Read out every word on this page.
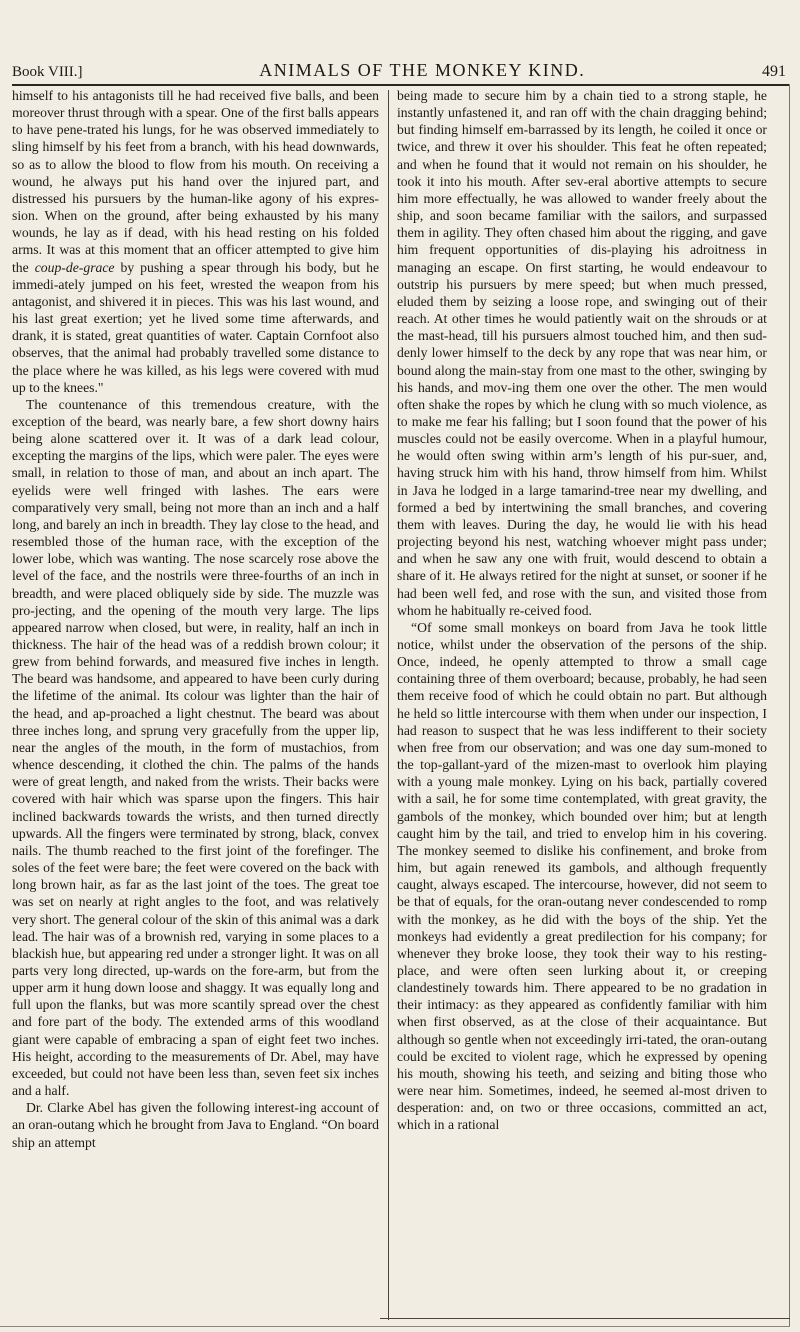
Book VIII.]	ANIMALS OF THE MONKEY KIND.	491

himself to his antagonists till he had received five balls, and been moreover thrust through with a spear. One of the first balls appears to have pene-trated his lungs, for he was observed immediately to sling himself by his feet from a branch, with his head downwards, so as to allow the blood to flow from his mouth. On receiving a wound, he always put his hand over the injured part, and distressed his pursuers by the human-like agony of his expres-sion. When on the ground, after being exhausted by his many wounds, he lay as if dead, with his head resting on his folded arms. It was at this moment that an officer attempted to give him the coup-de-grace by pushing a spear through his body, but he immedi-ately jumped on his feet, wrested the weapon from his antagonist, and shivered it in pieces. This was his last wound, and his last great exertion; yet he lived some time afterwards, and drank, it is stated, great quantities of water. Captain Cornfoot also observes, that the animal had probably travelled some distance to the place where he was killed, as his legs were covered with mud up to the knees."

The countenance of this tremendous creature, with the exception of the beard, was nearly bare, a few short downy hairs being alone scattered over it. It was of a dark lead colour, excepting the margins of the lips, which were paler. The eyes were small, in relation to those of man, and about an inch apart. The eyelids were well fringed with lashes. The ears were comparatively very small, being not more than an inch and a half long, and barely an inch in breadth. They lay close to the head, and resembled those of the human race, with the exception of the lower lobe, which was wanting. The nose scarcely rose above the level of the face, and the nostrils were three-fourths of an inch in breadth, and were placed obliquely side by side. The muzzle was pro-jecting, and the opening of the mouth very large. The lips appeared narrow when closed, but were, in reality, half an inch in thickness. The hair of the head was of a reddish brown colour; it grew from behind forwards, and measured five inches in length. The beard was handsome, and appeared to have been curly during the lifetime of the animal. Its colour was lighter than the hair of the head, and ap-proached a light chestnut. The beard was about three inches long, and sprung very gracefully from the upper lip, near the angles of the mouth, in the form of mustachios, from whence descending, it clothed the chin. The palms of the hands were of great length, and naked from the wrists. Their backs were covered with hair which was sparse upon the fingers. This hair inclined backwards towards the wrists, and then turned directly upwards. All the fingers were terminated by strong, black, convex nails. The thumb reached to the first joint of the forefinger. The soles of the feet were bare; the feet were covered on the back with long brown hair, as far as the last joint of the toes. The great toe was set on nearly at right angles to the foot, and was relatively very short. The general colour of the skin of this animal was a dark lead. The hair was of a brownish red, varying in some places to a blackish hue, but appearing red under a stronger light. It was on all parts very long directed, up-wards on the fore-arm, but from the upper arm it hung down loose and shaggy. It was equally long and full upon the flanks, but was more scantily spread over the chest and fore part of the body. The extended arms of this woodland giant were capable of embracing a span of eight feet two inches. His height, according to the measurements of Dr. Abel, may have exceeded, but could not have been less than, seven feet six inches and a half.

Dr. Clarke Abel has given the following interest-ing account of an oran-outang which he brought from Java to England. “On board ship an attempt

being made to secure him by a chain tied to a strong staple, he instantly unfastened it, and ran off with the chain dragging behind; but finding himself em-barrassed by its length, he coiled it once or twice, and threw it over his shoulder. This feat he often repeated; and when he found that it would not remain on his shoulder, he took it into his mouth. After sev-eral abortive attempts to secure him more effectually, he was allowed to wander freely about the ship, and soon became familiar with the sailors, and surpassed them in agility. They often chased him about the rigging, and gave him frequent opportunities of dis-playing his adroitness in managing an escape. On first starting, he would endeavour to outstrip his pursuers by mere speed; but when much pressed, eluded them by seizing a loose rope, and swinging out of their reach. At other times he would patiently wait on the shrouds or at the mast-head, till his pursuers almost touched him, and then sud-denly lower himself to the deck by any rope that was near him, or bound along the main-stay from one mast to the other, swinging by his hands, and mov-ing them one over the other. The men would often shake the ropes by which he clung with so much violence, as to make me fear his falling; but I soon found that the power of his muscles could not be easily overcome. When in a playful humour, he would often swing within arm’s length of his pur-suer, and, having struck him with his hand, throw himself from him. Whilst in Java he lodged in a large tamarind-tree near my dwelling, and formed a bed by intertwining the small branches, and covering them with leaves. During the day, he would lie with his head projecting beyond his nest, watching whoever might pass under; and when he saw any one with fruit, would descend to obtain a share of it. He always retired for the night at sunset, or sooner if he had been well fed, and rose with the sun, and visited those from whom he habitually re-ceived food.

“Of some small monkeys on board from Java he took little notice, whilst under the observation of the persons of the ship. Once, indeed, he openly attempted to throw a small cage containing three of them overboard; because, probably, he had seen them receive food of which he could obtain no part. But although he held so little intercourse with them when under our inspection, I had reason to suspect that he was less indifferent to their society when free from our observation; and was one day sum-moned to the top-gallant-yard of the mizen-mast to overlook him playing with a young male monkey. Lying on his back, partially covered with a sail, he for some time contemplated, with great gravity, the gambols of the monkey, which bounded over him; but at length caught him by the tail, and tried to envelop him in his covering. The monkey seemed to dislike his confinement, and broke from him, but again renewed its gambols, and although frequently caught, always escaped. The intercourse, however, did not seem to be that of equals, for the oran-outang never condescended to romp with the monkey, as he did with the boys of the ship. Yet the monkeys had evidently a great predilection for his company; for whenever they broke loose, they took their way to his resting-place, and were often seen lurking about it, or creeping clandestinely towards him. There appeared to be no gradation in their intimacy: as they appeared as confidently familiar with him when first observed, as at the close of their acquaintance. But although so gentle when not exceedingly irri-tated, the oran-outang could be excited to violent rage, which he expressed by opening his mouth, showing his teeth, and seizing and biting those who were near him. Sometimes, indeed, he seemed al-most driven to desperation: and, on two or three occasions, committed an act, which in a rational
